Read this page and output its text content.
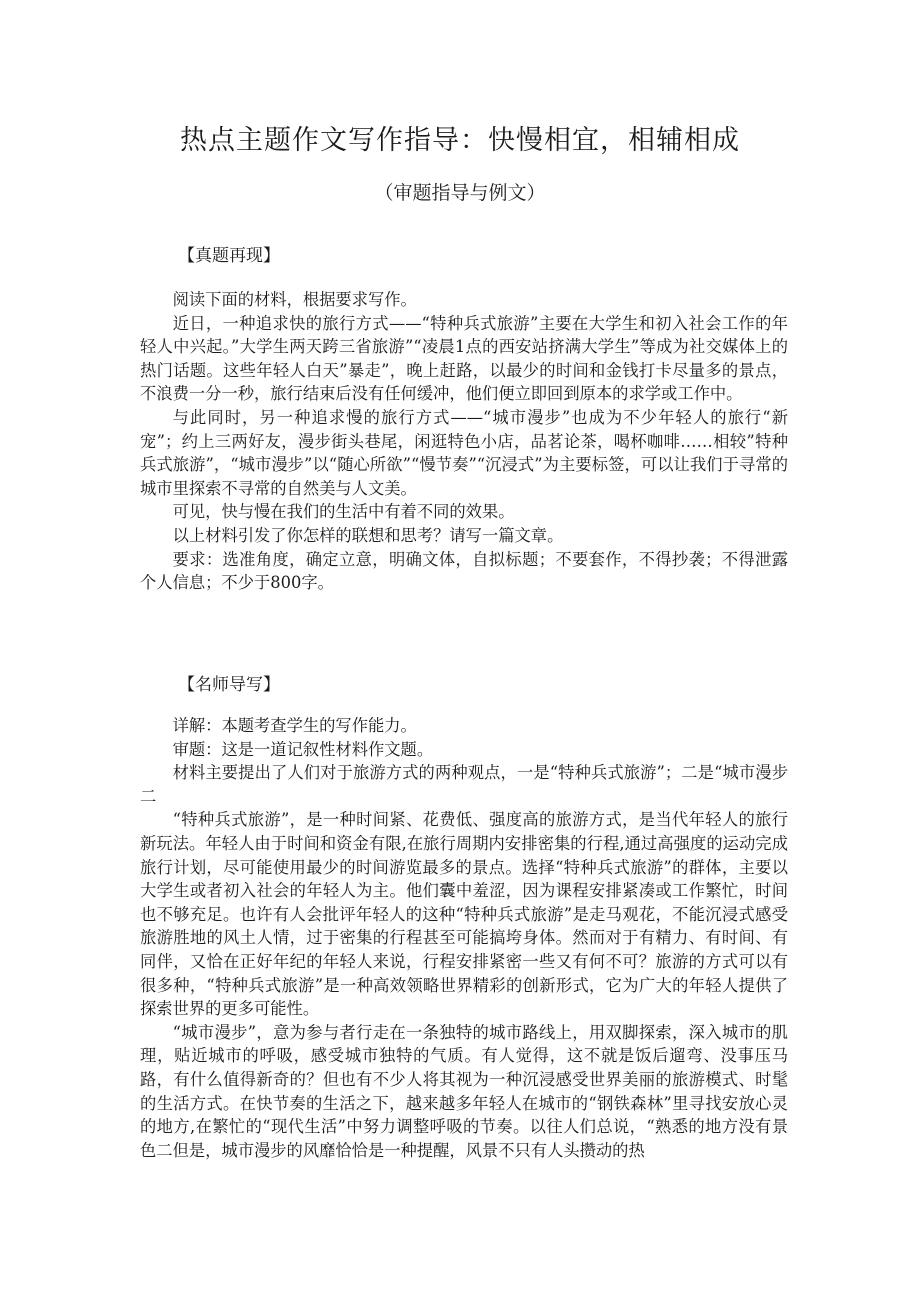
热点主题作文写作指导：快慢相宜，相辅相成
（审题指导与例文）
【真题再现】

阅读下面的材料，根据要求写作。

近日，一种追求快的旅行方式——“特种兵式旅游”主要在大学生和初入社会工作的年轻人中兴起。”大学生两天跨三省旅游”“凌晨1点的西安站挤满大学生”等成为社交媒体上的热门话题。这些年轻人白天”暴走”，晚上赶路，以最少的时间和金钱打卡尽量多的景点，不浪费一分一秒，旅行结束后没有任何缓冲，他们便立即回到原本的求学或工作中。

与此同时，另一种追求慢的旅行方式——“城市漫步”也成为不少年轻人的旅行“新宠”；约上三两好友，漫步街头巷尾，闲逛特色小店，品茗论茶，喝杯咖啡……相较”特种兵式旅游”，“城市漫步”以“随心所欲”“慢节奏”“沉浸式”为主要标签，可以让我们于寻常的城市里探索不寻常的自然美与人文美。

可见，快与慢在我们的生活中有着不同的效果。

以上材料引发了你怎样的联想和思考？请写一篇文章。

要求：选准角度，确定立意，明确文体，自拟标题；不要套作，不得抄袭；不得泄露个人信息；不少于800字。

【名师导写】

详解：本题考查学生的写作能力。

审题：这是一道记叙性材料作文题。

材料主要提出了人们对于旅游方式的两种观点，一是“特种兵式旅游”；二是“城市漫步二

“特种兵式旅游”，是一种时间紧、花费低、强度高的旅游方式，是当代年轻人的旅行新玩法。年轻人由于时间和资金有限,在旅行周期内安排密集的行程,通过高强度的运动完成旅行计划，尽可能使用最少的时间游览最多的景点。选择“特种兵式旅游”的群体，主要以大学生或者初入社会的年轻人为主。他们囊中羞涩，因为课程安排紧凑或工作繁忙，时间也不够充足。也许有人会批评年轻人的这种“特种兵式旅游”是走马观花，不能沉浸式感受旅游胜地的风土人情，过于密集的行程甚至可能搞垮身体。然而对于有精力、有时间、有同伴，又恰在正好年纪的年轻人来说，行程安排紧密一些又有何不可？旅游的方式可以有很多种，“特种兵式旅游”是一种高效领略世界精彩的创新形式，它为广大的年轻人提供了探索世界的更多可能性。

“城市漫步”，意为参与者行走在一条独特的城市路线上，用双脚探索，深入城市的肌理，贴近城市的呼吸，感受城市独特的气质。有人觉得，这不就是饭后遛弯、没事压马路，有什么值得新奇的？但也有不少人将其视为一种沉浸感受世界美丽的旅游模式、时髦的生活方式。在快节奏的生活之下，越来越多年轻人在城市的“钢铁森林”里寻找安放心灵的地方,在繁忙的“现代生活”中努力调整呼吸的节奏。以往人们总说，“熟悉的地方没有景色二但是，城市漫步的风靡恰恰是一种提醒，风景不只有人头攒动的热
